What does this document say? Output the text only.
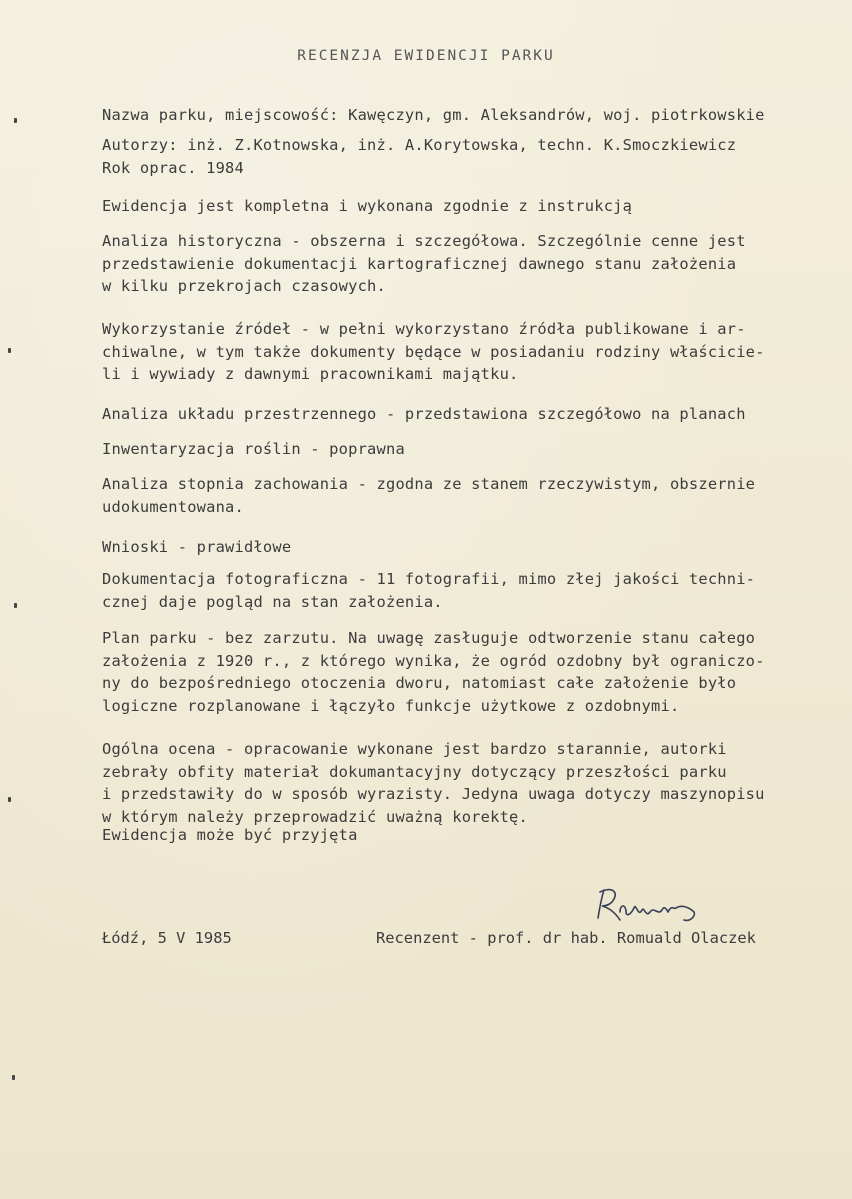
RECENZJA EWIDENCJI PARKU
Nazwa parku, miejscowość: Kawęczyn, gm. Aleksandrów, woj. piotrkowskie
Autorzy: inż. Z.Kotnowska, inż. A.Korytowska, techn. K.Smoczkiewicz
Rok oprac. 1984
Ewidencja jest kompletna i wykonana zgodnie z instrukcją
Analiza historyczna - obszerna i szczegółowa. Szczególnie cenne jest
przedstawienie dokumentacji kartograficznej dawnego stanu założenia
w kilku przekrojach czasowych.
Wykorzystanie źródeł - w pełni wykorzystano źródła publikowane i ar-
chiwalne, w tym także dokumenty będące w posiadaniu rodziny właściciе-
li i wywiady z dawnymi pracownikami majątku.
Analiza układu przestrzennego - przedstawiona szczegółowo na planach
Inwentaryzacja roślin - poprawna
Analiza stopnia zachowania - zgodna ze stanem rzeczywistym, obszernie
udokumentowana.
Wnioski - prawidłowe
Dokumentacja fotograficzna - 11 fotografii, mimo złej jakości techni-
cznej daje pogląd na stan założenia.
Plan parku - bez zarzutu. Na uwagę zasługuje odtworzenie stanu całego
założenia z 1920 r., z którego wynika, że ogród ozdobny był ograniczo-
ny do bezpośredniego otoczenia dworu, natomiast całe założenie było
logiczne rozplanowane i łączyło funkcje użytkowe z ozdobnymi.
Ogólna ocena - opracowanie wykonane jest bardzo starannie, autorki
zebrały obfity materiał dokumantacyjny dotyczący przeszłości parku
i przedstawiły do w sposób wyrazisty. Jedyna uwaga dotyczy maszynopisu
w którym należy przeprowadzić uważną korektę.
Ewidencja może być przyjęta
Łódź, 5 V 1985	Recenzent - prof. dr hab. Romuald Olaczek
